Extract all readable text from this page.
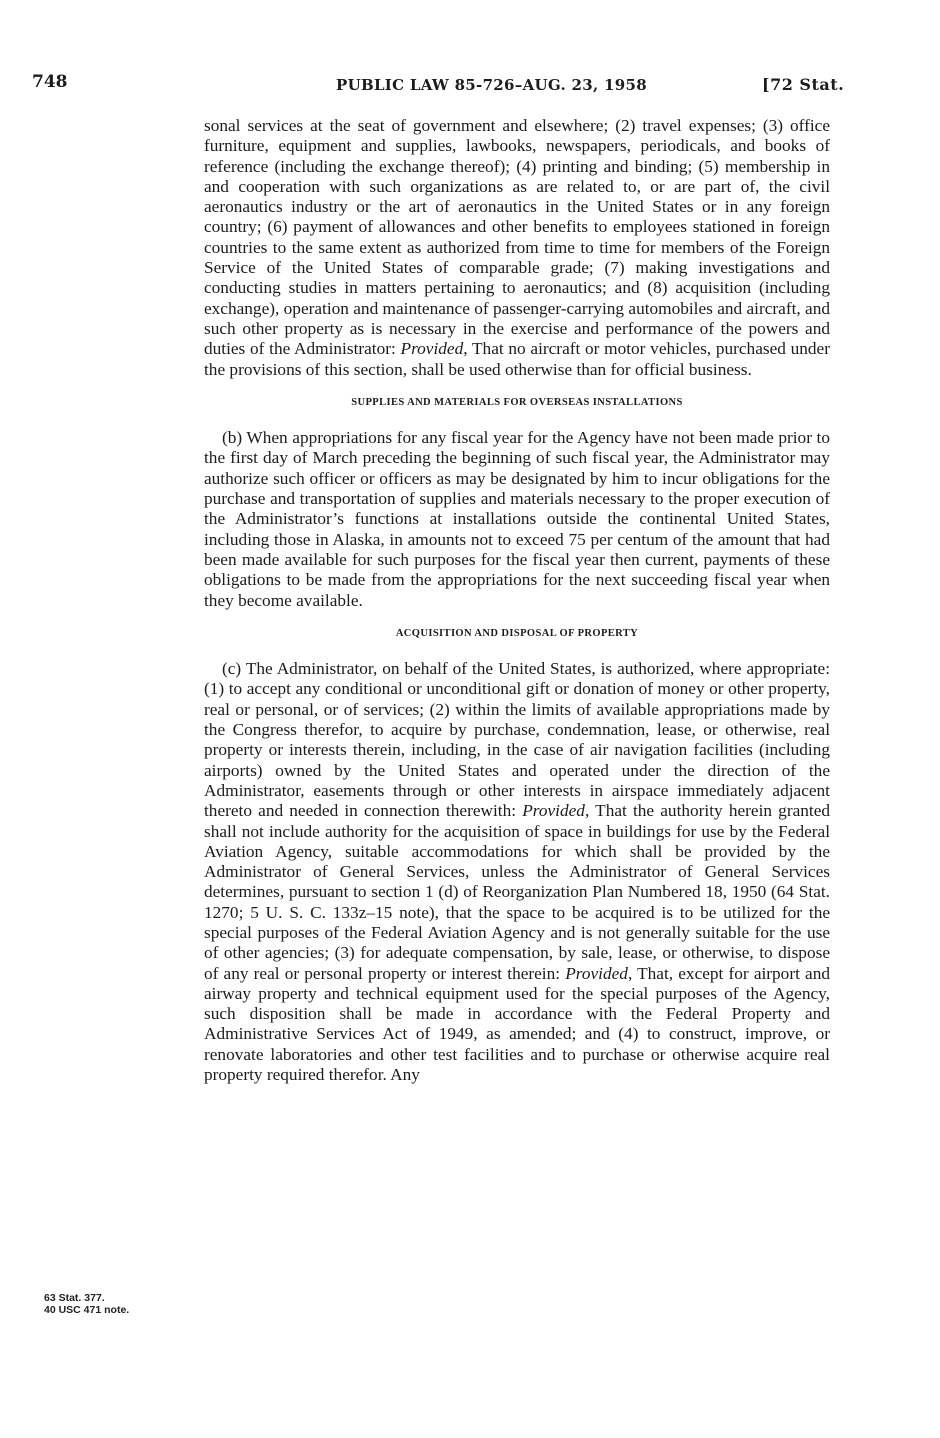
748	PUBLIC LAW 85-726–AUG. 23, 1958	[72 Stat.

sonal services at the seat of government and elsewhere; (2) travel expenses; (3) office furniture, equipment and supplies, lawbooks, newspapers, periodicals, and books of reference (including the exchange thereof); (4) printing and binding; (5) membership in and cooperation with such organizations as are related to, or are part of, the civil aeronautics industry or the art of aeronautics in the United States or in any foreign country; (6) payment of allowances and other benefits to employees stationed in foreign countries to the same extent as authorized from time to time for members of the Foreign Service of the United States of comparable grade; (7) making investigations and conducting studies in matters pertaining to aeronautics; and (8) acquisition (including exchange), operation and maintenance of passenger-carrying automobiles and aircraft, and such other property as is necessary in the exercise and performance of the powers and duties of the Administrator: Provided, That no aircraft or motor vehicles, purchased under the provisions of this section, shall be used otherwise than for official business.

SUPPLIES AND MATERIALS FOR OVERSEAS INSTALLATIONS

(b) When appropriations for any fiscal year for the Agency have not been made prior to the first day of March preceding the beginning of such fiscal year, the Administrator may authorize such officer or officers as may be designated by him to incur obligations for the purchase and transportation of supplies and materials necessary to the proper execution of the Administrator’s functions at installations outside the continental United States, including those in Alaska, in amounts not to exceed 75 per centum of the amount that had been made available for such purposes for the fiscal year then current, payments of these obligations to be made from the appropriations for the next succeeding fiscal year when they become available.

ACQUISITION AND DISPOSAL OF PROPERTY

(c) The Administrator, on behalf of the United States, is authorized, where appropriate: (1) to accept any conditional or unconditional gift or donation of money or other property, real or personal, or of services; (2) within the limits of available appropriations made by the Congress therefor, to acquire by purchase, condemnation, lease, or otherwise, real property or interests therein, including, in the case of air navigation facilities (including airports) owned by the United States and operated under the direction of the Administrator, easements through or other interests in airspace immediately adjacent thereto and needed in connection therewith: Provided, That the authority herein granted shall not include authority for the acquisition of space in buildings for use by the Federal Aviation Agency, suitable accommodations for which shall be provided by the Administrator of General Services, unless the Administrator of General Services determines, pursuant to section 1 (d) of Reorganization Plan Numbered 18, 1950 (64 Stat. 1270; 5 U. S. C. 133z–15 note), that the space to be acquired is to be utilized for the special purposes of the Federal Aviation Agency and is not generally suitable for the use of other agencies; (3) for adequate compensation, by sale, lease, or otherwise, to dispose of any real or personal property or interest therein: Provided, That, except for airport and airway property and technical equipment used for the special purposes of the Agency, such disposition shall be made in accordance with the Federal Property and Administrative Services Act of 1949, as amended; and (4) to construct, improve, or renovate laboratories and other test facilities and to purchase or otherwise acquire real property required therefor. Any

63 Stat. 377.
40 USC 471 note.
